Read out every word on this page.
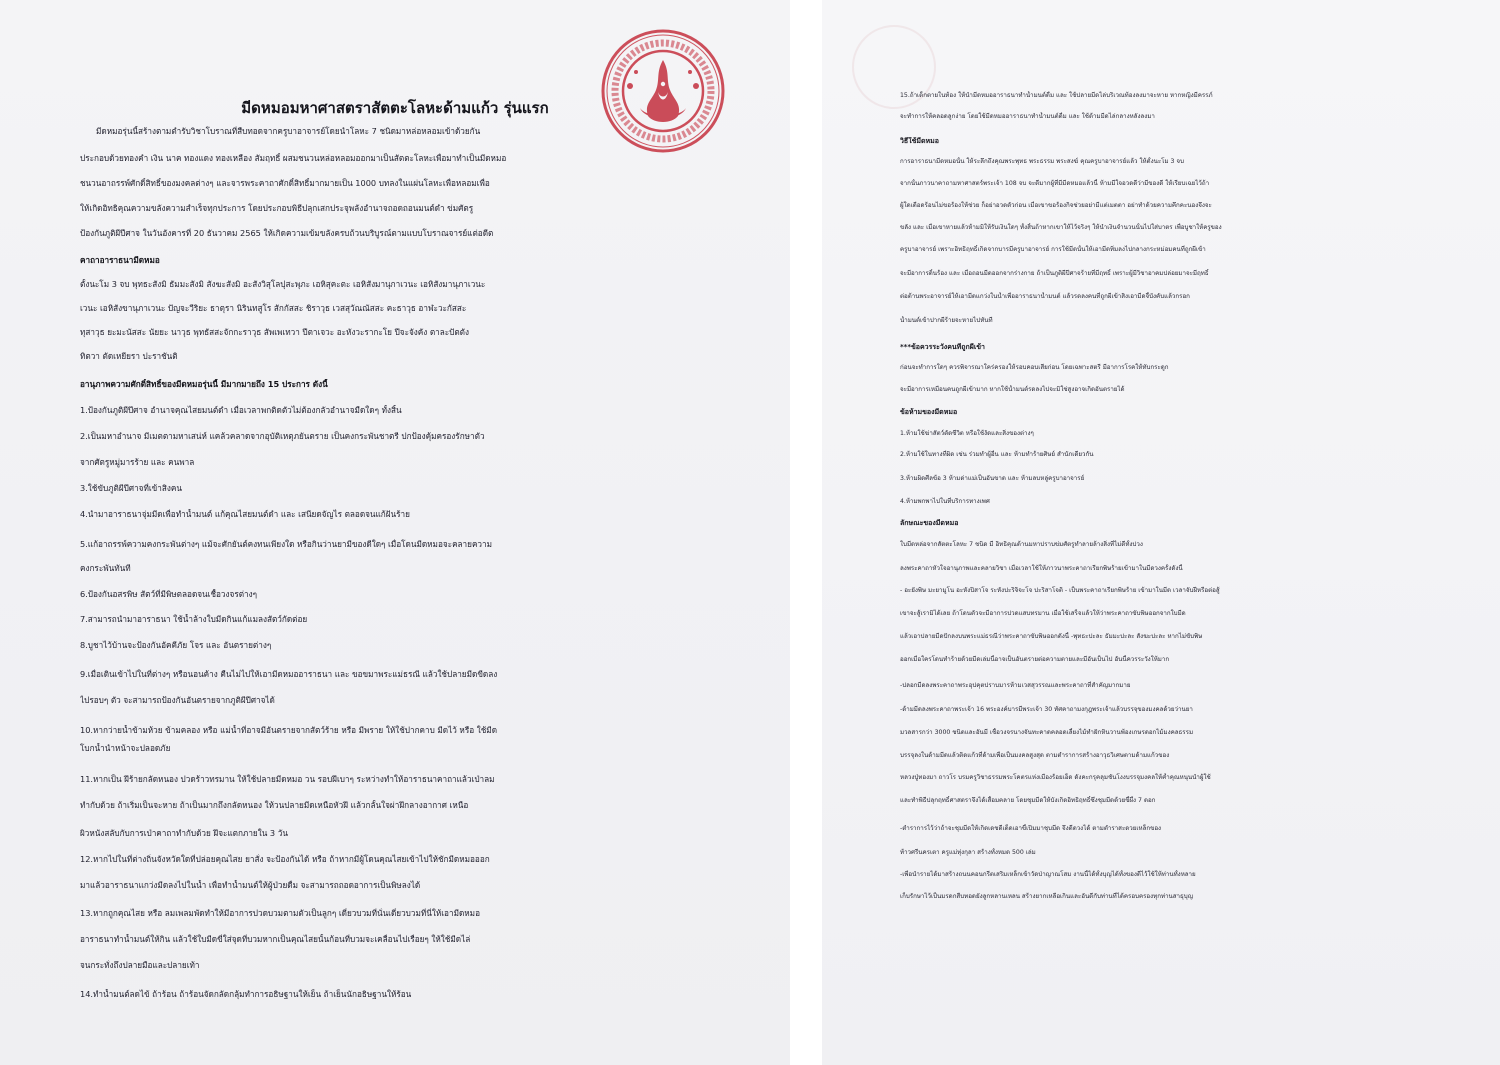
มีดหมอมหาศาสตราสัตตะโลหะด้ามแก้ว รุ่นแรก
มีดหมอรุ่นนี้สร้างตามตำรับวิชาโบราณที่สืบทอดจากครูบาอาจารย์โดยนำโลหะ 7 ชนิดมาหล่อหลอมเข้าด้วยกัน
ประกอบด้วยทองคำ เงิน นาค ทองแดง ทองเหลือง สัมฤทธิ์ ผสมชนวนหล่อหลอมออกมาเป็นสัตตะโลหะเพื่อมาทำเป็นมีดหมอ
ชนวนอาถรรพ์ศักดิ์สิทธิ์ของมงคลต่างๆ และจารพระคาถาศักดิ์สิทธิ์มากมายเป็น 1000 บทลงในแผ่นโลหะเพื่อหลอมเพื่อ
ให้เกิดอิทธิคุณความขลังความสำเร็จทุกประการ โดยประกอบพิธีปลุกเสกประจุพลังอำนาจถอดถอนมนต์ดำ ข่มศัตรู
ป้องกันภูติผีปีศาจ ในวันอังคารที่ 20 ธันวาคม 2565 ให้เกิดความเข้มขลังครบถ้วนบริบูรณ์ตามแบบโบราณจารย์แต่อดีต
คาถาอาราธนามีดหมอ
ตั้งนะโม 3 จบ พุทธะสังมิ ธัมมะสังมิ สังฆะสังมิ อะสังวิสุโลปุสะพุภะ เอหิสุคะตะ เอหิสังมานุกาเวนะ เอหิสังมานุภาเวนะ
เวนะ เอหิสังขานุภาเวนะ ปัญจะวีริยะ ธาตุรา นิรินทสูโร สักกัสสะ ชิราวุธ เวสสุวัณณัสสะ คะธาวุธ อาฬะวะกัสสะ
ทุสาวุธ ยะมะนัสสะ นัยยะ นาวุธ พุทธัสสะจักกะราวุธ สัพเพเทวา ปีตาเจวะ อะหังวะรากะโย ปีจะจังคัง ตาละปัตตัง
ทิตวา ตัดเหยียรา ปะราชันติ
อานุภาพความศักดิ์สิทธิ์ของมีดหมอรุ่นนี้ มีมากมายถึง 15 ประการ ดังนี้
1.ป้องกันภูติผีปีศาจ อำนาจคุณไสยมนต์ดำ เมื่อเวลาพกติดตัวไม่ต้องกลัวอำนาจมืดใดๆ ทั้งสิ้น
2.เป็นมหาอำนาจ มีเมตตามหาเสน่ห์ แคล้วคลาดจากอุบัติเหตุภยันตราย เป็นคงกระพันชาตรี ปกป้องคุ้มครองรักษาตัว
จากศัตรูหมู่มารร้าย และ คนพาล
3.ใช้ขับภูติผีปีศาจที่เข้าสิงคน
4.นำมาอาราธนาจุ่มมีดเพื่อทำน้ำมนต์ แก้คุณไสยมนต์ดำ และ เสนียดจัญไร ตลอดจนแก้ฝันร้าย
5.แก้อาถรรพ์ความคงกระพันต่างๆ แม้จะศักยันต์คงทนเพียงใด หรือกินว่านยามีของดีใดๆ เมื่อโดนมีดหมอจะคลายความ
คงกระพันทันที
6.ป้องกันอสรพิษ สัตว์ที่มีพิษตลอดจนเชื้อวงจรต่างๆ
7.สามารถนำมาอาราธนา ใช้น้ำล้างใบมีดกินแก้แมลงสัตว์กัดต่อย
8.บูชาไว้บ้านจะป้องกันอัคคีภัย โจร และ อันตรายต่างๆ
9.เมื่อเดินเข้าไปในที่ต่างๆ หรือนอนค้าง คืนไม่ไปให้เอามีดหมออาราธนา และ ขอขมาพระแม่ธรณี แล้วใช้ปลายมีดขีดลง
ไปรอบๆ ตัว จะสามารถป้องกันอันตรายจากภูติผีปีศาจได้
10.หากว่ายน้ำข้ามห้วย ข้ามคลอง หรือ แม่น้ำที่อาจมีอันตรายจากสัตว์ร้าย หรือ มีพราย ให้ใช้ปากคาบ มีดไว้ หรือ ใช้มีด
โบกน้ำนำหน้าจะปลอดภัย
11.หากเป็น ฝีร้ายกลัดหนอง ปวดร้าวทรมาน ให้ใช้ปลายมีดหมอ วน รอบฝีเบาๆ ระหว่างทำให้อาราธนาคาถาแล้วเป่าลม
ทำกับด้วย ถ้าเริ่มเป็นจะหาย ถ้าเป็นมากถึงกลัดหนอง ให้วนปลายมีดเหนือหัวฝี แล้วกลั้นใจผ่าฝีกลางอากาศ เหนือ
ผิวหนังสลับกับการเป่าคาถาทำกับด้วย ฝีจะแตกภายใน 3 วัน
12.หากไปในที่ต่างถิ่นจังหวัดใดที่ปล่อยคุณไสย ยาสั่ง จะป้องกันได้ หรือ ถ้าหากมีผู้โดนคุณไสยเข้าไปให้ชักมีดหมอออก
มาแล้วอาราธนาแกว่งมีดลงไปในน้ำ เพื่อทำน้ำมนต์ให้ผู้ป่วยดื่ม จะสามารถถอดอาการเป็นพิษลงได้
13.หากถูกคุณไสย หรือ ลมเพลมพัดทำให้มีอาการปวดบวมตามตัวเป็นลูกๆ เดี๋ยวบวมที่นั่นเดี๋ยวบวมที่นี่ให้เอามีดหมอ
อาราธนาทำน้ำมนต์ให้กิน แล้วใช้ใบมีดขี่ใส่จุดที่บวมหากเป็นคุณไสยนั้นก้อนที่บวมจะเคลื่อนไปเรื่อยๆ ให้ใช้มีดไล่
จนกระทั่งถึงปลายมือและปลายเท้า
14.ทำน้ำมนต์ลดไข้ ถ้าร้อน ถ้าร้อนจัดกลัดกลุ้มทำการอธิษฐานให้เย็น ถ้าเย็นนักอธิษฐานให้ร้อน
15.ถ้าเด็กตายในท้อง ให้นำมีดหมออาราธนาทำน้ำมนต์ดื่ม และ ใช้ปลายมีดไล่บริเวณท้องลงมาจะหาย หากหญิงมีครรภ์
จะทำการให้คลอดลูกง่าย โดยใช้มีดหมออาราธนาทำน้ำมนต์ดื่ม และ ใช้ด้ามมีดไล่กลางหลังลงมา
วิธีใช้มีดหมอ
การอาราธนามีดหมอนั้น ให้ระลึกถึงคุณพระพุทธ พระธรรม พระสงฆ์ คุณครูบาอาจารย์แล้ว ให้ตั้งนะโม 3 จบ
จากนั้นภาวนาคาถามหาศาสตร์พระเจ้า 108 จบ จะดีมากผู้ที่มีมีดหมอแล้วนี้ ห้ามมีใจอวดดีว่ามีของดี ให้เรียบเฉยไว้ถ้า
ผู้ใดเดือดร้อนไม่ขอร้องให้ช่วย ก็อย่าอวดตัวก่อน เมื่อเขาขอร้องกิจช่วยอย่ามีแต่เมตตา อย่าทำด้วยความคึกคะนองจึงจะ
ขลัง และ เมื่อเขาหายแล้วห้ามมิให้รับเงินใดๆ ทั้งสิ้นถ้าหากเขาให้ไว้จริงๆ ให้นำเงินจำนวนนั้นไปใส่บาตร เพื่อบูชาให้ครูของ
ครูบาอาจารย์ เพราะอิทธิฤทธิ์เกิดจากบารมีครูบาอาจารย์ การใช้มีดนั้นให้เอามีดทิ่มลงไปกลางกระหม่อมคนที่ถูกผีเข้า
จะมีอาการดิ้นร้อง และ เมื่อถอนมีดออกจากร่างกาย ถ้าเป็นภูติผีปีศาจร้ายที่มีฤทธิ์ เพราะผู้มีวิชาอาคมปล่อยมาจะมีฤทธิ์
ต่อต้านพระอาจารย์ให้เอามีดแกว่งในน้ำเพื่ออาราธนาน้ำมนต์ แล้วรดลงคนที่ถูกผีเข้าสิงเอามีดจี้บังคับแล้วกรอก
น้ำมนต์เข้าปากผีร้ายจะหายไปทันที
***ข้อควรระวังคนที่ถูกผีเข้า
ก่อนจะทำการใดๆ ควรพิจารณาใคร่ครองให้รอบคอบเสียก่อน โดยเฉพาะสตรี มีอาการโรคให้ทับกระดูก
จะมีอาการเหมือนคนถูกผีเข้ามาก หากใช้น้ำมนต์รดลงไปจะมิใช่สูงอาจเกิดอันตรายได้
ข้อห้ามของมีดหมอ
1.ห้ามใช้ฆ่าสัตว์ตัดชีวิต หรือใช้งัดและสิ่งของต่างๆ
2.ห้ามใช้ในทางที่ผิด เช่น ร่วมทำผู้อื่น และ ห้ามทำร้ายศิษย์ สำนักเดียวกัน
3.ห้ามผิดศีลข้อ 3 ห้ามด่าแม่เป็นอันขาด และ ห้ามลบหลู่ครูบาอาจารย์
4.ห้ามพกพาไปในที่บริการทางเพศ
ลักษณะของมีดหมอ
ใบมีดหล่อจากสัตตะโลหะ 7 ชนิด มี อิทธิคุณด้านมหาปราบข่มศัตรูทำลายล้างสิ่งที่ไม่ดีทั้งปวง
ลงพระคาถาหัวใจอานุภาพและคลายวิชา เมื่อเวลาใช้ให้ภาวนาพระคาถาเรียกพิษร้ายเข้ามาในมีดวงครั้งดังนี้
- อะยังพิษ มะยามูโน อะหังปิสาโจ ระหังปะริจิจะโจ ปะริสาโจติ - เป็นพระคาถาเรียกพิษร้าย เข้ามาในมีด เวลาจับฝีหรือต่อสู้
เขาจะสู้เรามิได้เลย ถ้าโดนตัวจะมีอาการปวดแสบทรมาน เมื่อใช้เสร็จแล้วให้ว่าพระคาถาขับพิษออกจากใบมีด
แล้วเอาปลายมีดปักลงบนพระแม่ธรณีว่าพระคาถาขับพิษออกดังนี้ -พุทธะปะละ ธัมมะปะละ สังฆะปะละ หากไม่ขับพิษ
ออกเมื่อใครโดนทำร้ายด้วยมีดเล่มนี้อาจเป็นอันตรายต่อความตายและมีอันเป็นไป อันนี้ควรระวังให้มาก
-ปลอกมีดลงพระคาถาพระอุปคุตปราบมารห้ามเวสสุวรรณและพระคาถาที่สำคัญมากมาย
-ด้ามมีดลงพระคาถาพระเจ้า 16 พระองค์บารมีพระเจ้า 30 ทัศคาถามงกุฎพระเจ้าแล้วบรรจุของมงคลด้วยว่านยา
มวลสารกว่า 3000 ชนิดและอันมี เชื้อวงจรนางจันทะคาดคลอดเลี้ยงไม้ทำฝักหินวานพ้องเกษรดอกไม้มงคลธรรม
บรรจุลงในด้ามมีดแล้วติดแก้วที่ด้ามเพื่อเป็นมงคลสูงสุด ตามตำราการสร้างอาวุธวิเศษตามด้ามแก้วของ
หลวงปู่ทองมา ถาวโร บรมครูวิชาธรรมพระโคตรแห่งเมืองร้อยเอ็ด ดังคะกรุคลุมชันโงงบรรจุมงคลให้ค้ำคุณหนุนนำผู้ใช้
และทำพิธีปลุกฤทธิ์ศาสตราจึงได้เสื้อมคลาย โดยชุมมีดให้บังเกิดอิทธิฤทธิ์ซึ่งชุมมีดด้วยขี้ผึ้ง 7 ดอก
-ตำราการไว้ว่าถ้าจะชุมมีดให้เกิดเดชดีเด็ดเอาขี้เปิมมาชุบมีด จึงดีดวงได้ ตามตำราสะดวยเหล็กของ
ท้าวศรีนครเตา ครูแม่ทุ่งกุลา สร้างทั้งหมด 500 เล่ม
-เพื่อนำรายได้มาสร้างถนนคอนกรีตเสริมเหล็กเข้าวัดป่าญาณโสม งานนี้ได้ทั้งบุญได้ทั้งของดีไว้ใช้ให้ท่านทั้งหลาย
เก็บรักษาไว้เป็นมรดกสืบทอดยังลูกหลานเหลน สร้างยากเหลือเกินและอันดีกับท่านที่ได้ครอบครองทุกท่านสาธุบุญ
